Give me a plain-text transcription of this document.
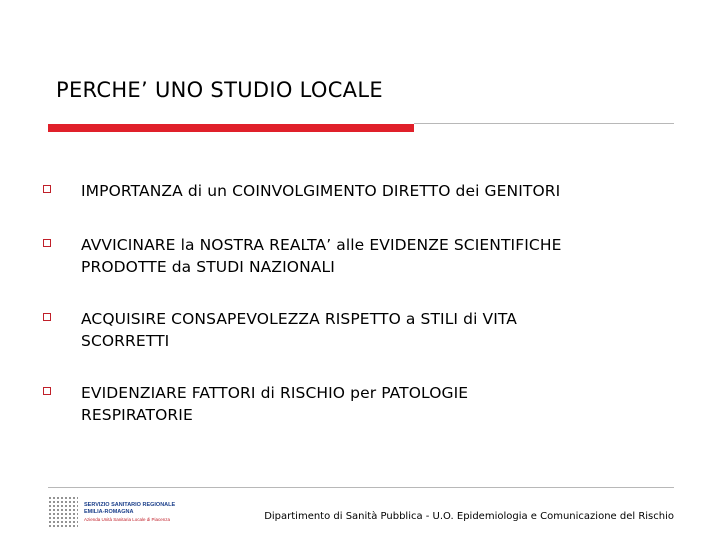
PERCHE’ UNO STUDIO LOCALE
IMPORTANZA di un COINVOLGIMENTO DIRETTO dei GENITORI
AVVICINARE la NOSTRA REALTA’ alle EVIDENZE SCIENTIFICHE
PRODOTTE da STUDI NAZIONALI
ACQUISIRE CONSAPEVOLEZZA RISPETTO a STILI di VITA
SCORRETTI
EVIDENZIARE FATTORI di RISCHIO per PATOLOGIE
RESPIRATORIE
SERVIZIO SANITARIO REGIONALE
EMILIA-ROMAGNA
Azienda Unità Sanitaria Locale di Piacenza	Dipartimento di Sanità Pubblica - U.O. Epidemiologia e Comunicazione del Rischio
